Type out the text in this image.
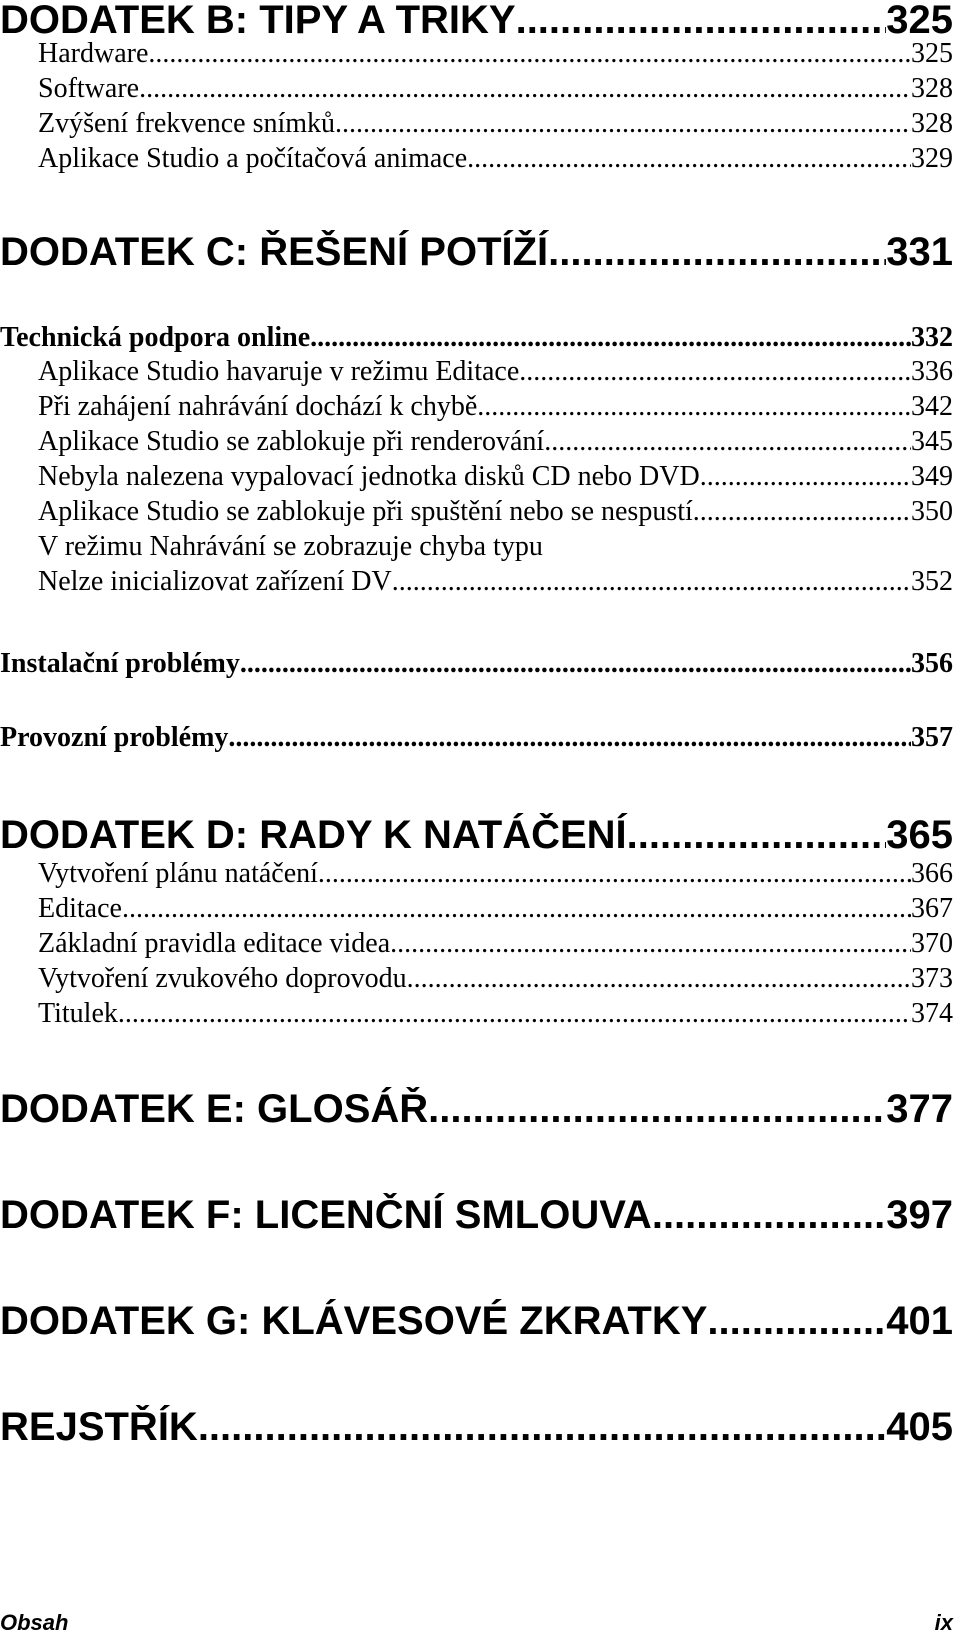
DODATEK B: TIPY A TRIKY .....	325
Hardware .....	325
Software .....	328
Zvýšení frekvence snímků .....	328
Aplikace Studio a počítačová animace .....	329
DODATEK C: ŘEŠENÍ POTÍŽÍ .....	331
Technická podpora online .....	332
Aplikace Studio havaruje v režimu Editace .....	336
Při zahájení nahrávání dochází k chybě .....	342
Aplikace Studio se zablokuje při renderování .....	345
Nebyla nalezena vypalovací jednotka disků CD nebo DVD .....	349
Aplikace Studio se zablokuje při spuštění nebo se nespustí .....	350
V režimu Nahrávání se zobrazuje chyba typu
Nelze inicializovat zařízení DV .....	352
Instalační problémy .....	356
Provozní problémy .....	357
DODATEK D: RADY K NATÁČENÍ .....	365
Vytvoření plánu natáčení .....	366
Editace .....	367
Základní pravidla editace videa .....	370
Vytvoření zvukového doprovodu .....	373
Titulek .....	374
DODATEK E: GLOSÁŘ .....	377
DODATEK F: LICENČNÍ SMLOUVA .....	397
DODATEK G: KLÁVESOVÉ ZKRATKY .....	401
REJSTŘÍK .....	405
Obsah	ix
